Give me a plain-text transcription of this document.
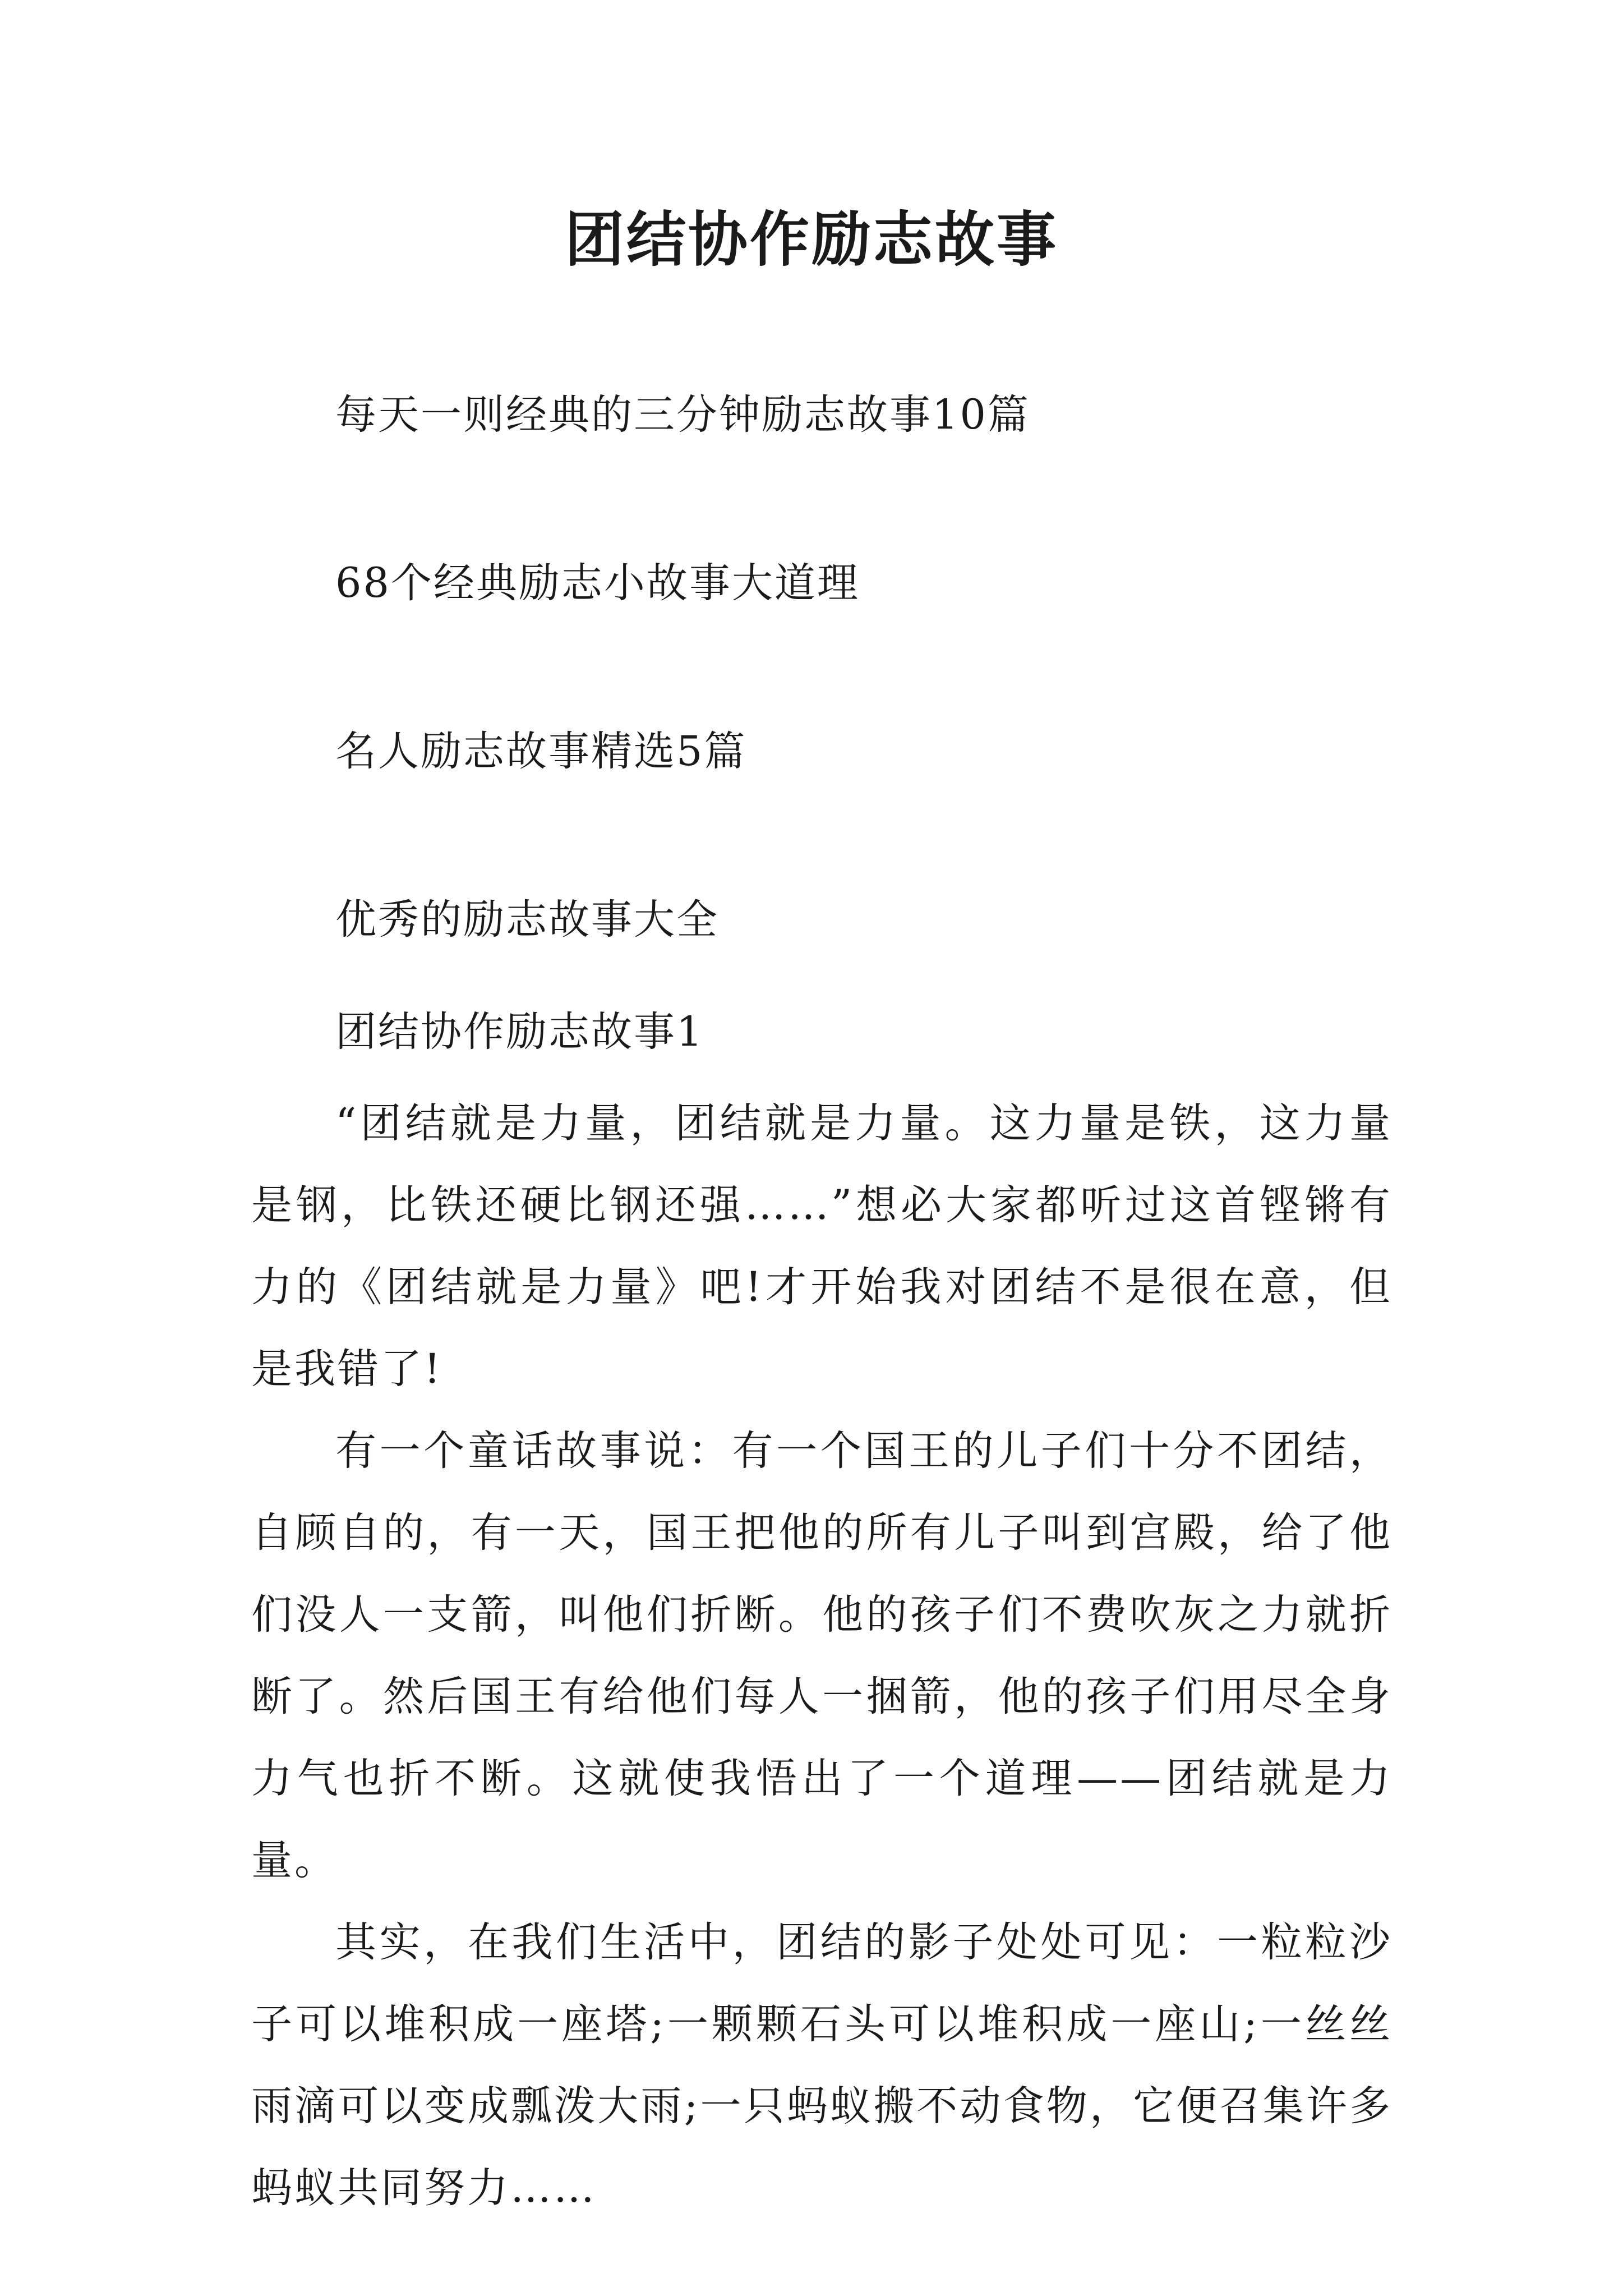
团结协作励志故事
每天一则经典的三分钟励志故事10篇
68个经典励志小故事大道理
名人励志故事精选5篇
优秀的励志故事大全
团结协作励志故事1

“团结就是力量，团结就是力量。这力量是铁，这力量是钢，比铁还硬比钢还强……”想必大家都听过这首铿锵有力的《团结就是力量》吧!才开始我对团结不是很在意，但是我错了!

有一个童话故事说：有一个国王的儿子们十分不团结，自顾自的，有一天，国王把他的所有儿子叫到宫殿，给了他们没人一支箭，叫他们折断。他的孩子们不费吹灰之力就折断了。然后国王有给他们每人一捆箭，他的孩子们用尽全身力气也折不断。这就使我悟出了一个道理——团结就是力量。

其实，在我们生活中，团结的影子处处可见：一粒粒沙子可以堆积成一座塔;一颗颗石头可以堆积成一座山;一丝丝雨滴可以变成瓢泼大雨;一只蚂蚁搬不动食物，它便召集许多蚂蚁共同努力……
